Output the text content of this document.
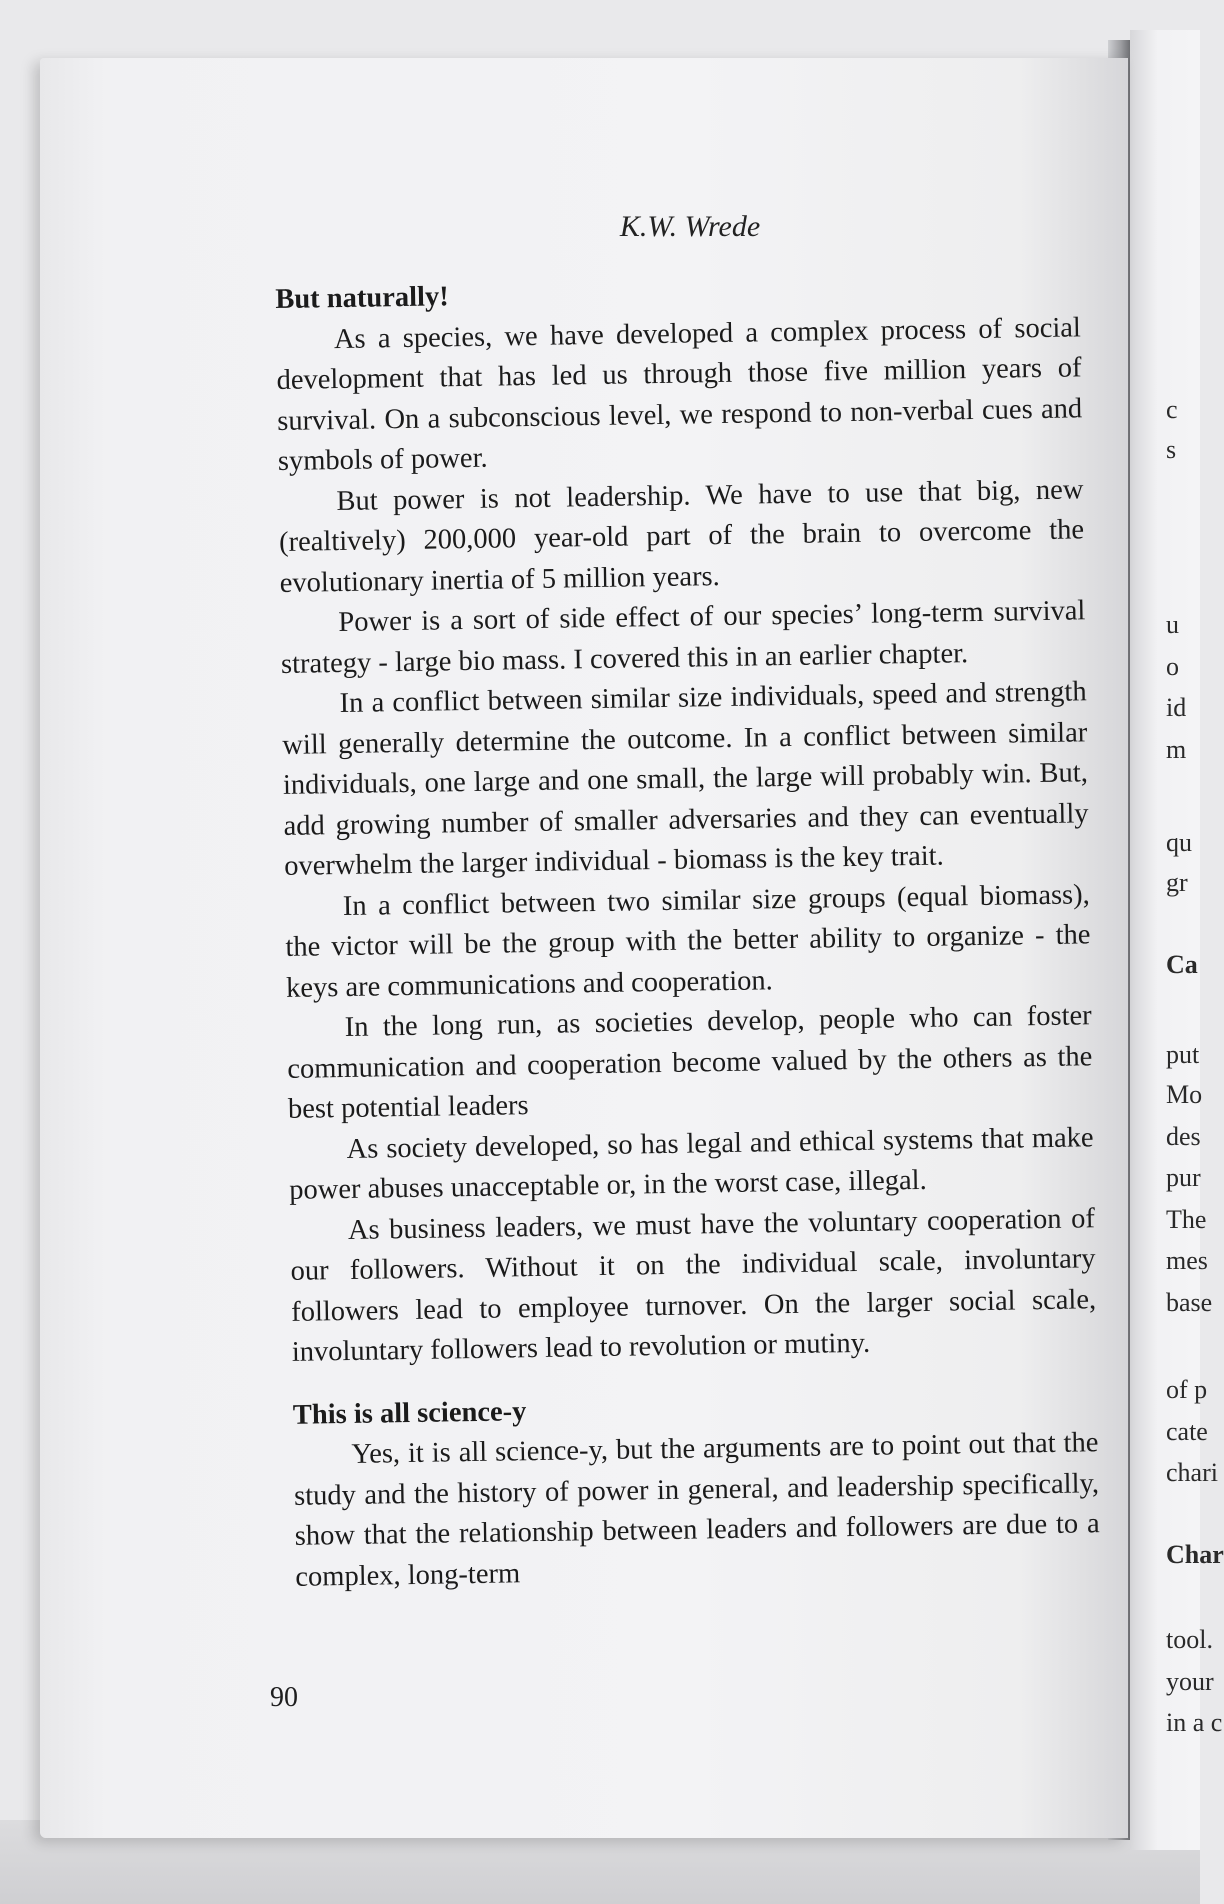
c
s
u
o
id
m
qu
gr
Ca
put
Mo
des
pur
The
mes
base
of p
cate
chari
Char
tool.
your
in a c
K.W. Wrede
But naturally!

As a species, we have developed a complex process of social development that has led us through those five million years of survival. On a subconscious level, we respond to non-verbal cues and symbols of power.

But power is not leadership. We have to use that big, new (realtively) 200,000 year-old part of the brain to overcome the evolutionary inertia of 5 million years.

Power is a sort of side effect of our species’ long-term survival strategy - large bio mass. I covered this in an earlier chapter.

In a conflict between similar size individuals, speed and strength will generally determine the outcome. In a conflict between similar individuals, one large and one small, the large will probably win. But, add growing number of smaller adversaries and they can eventually overwhelm the larger individual - biomass is the key trait.

In a conflict between two similar size groups (equal biomass), the victor will be the group with the better ability to organize - the keys are communications and cooperation.

In the long run, as societies develop, people who can foster communication and cooperation become valued by the others as the best potential leaders

As society developed, so has legal and ethical systems that make power abuses unacceptable or, in the worst case, illegal.

As business leaders, we must have the voluntary cooperation of our followers. Without it on the individual scale, involuntary followers lead to employee turnover. On the larger social scale, involuntary followers lead to revolution or mutiny.

This is all science-y

Yes, it is all science-y, but the arguments are to point out that the study and the history of power in general, and leadership specifically, show that the relationship between leaders and followers are due to a complex, long-term

90
